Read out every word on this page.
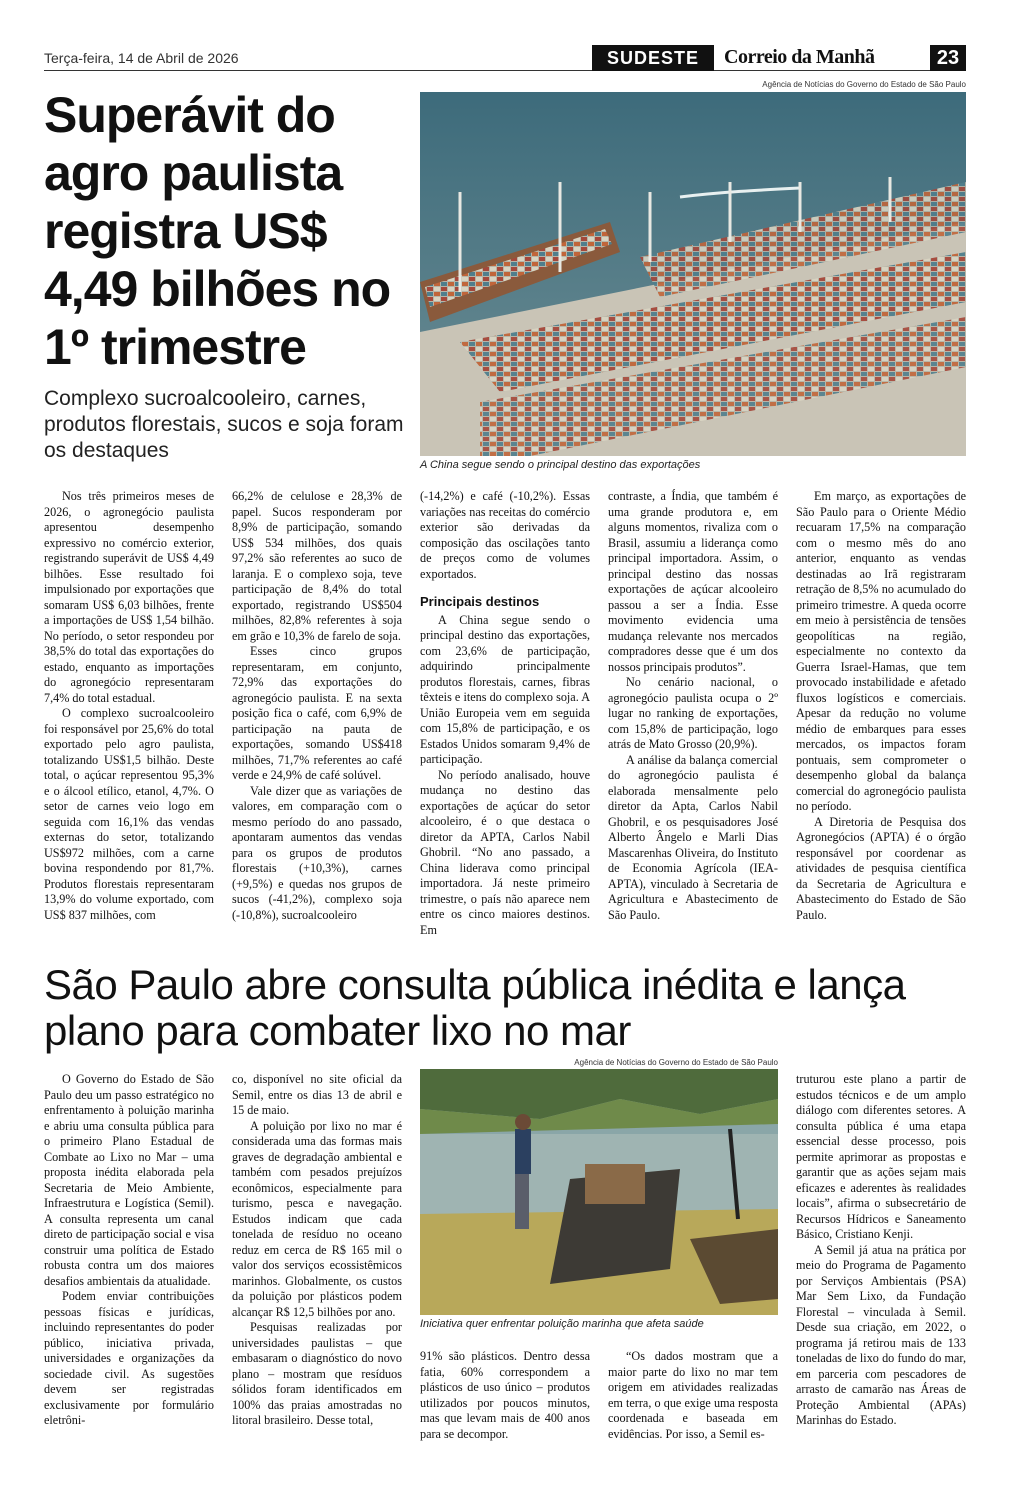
Terça-feira, 14 de Abril de 2026	SUDESTE	Correio da Manhã	23
Superávit do agro paulista registra US$ 4,49 bilhões no 1º trimestre
Complexo sucroalcooleiro, carnes, produtos florestais, sucos e soja foram os destaques
Agência de Notícias do Governo do Estado de São Paulo
A China segue sendo o principal destino das exportações

Nos três primeiros meses de 2026, o agronegócio paulista apresentou desempenho expressivo no comércio exterior, registrando superávit de US$ 4,49 bilhões. Esse resultado foi impulsionado por exportações que somaram US$ 6,03 bilhões, frente a importações de US$ 1,54 bilhão. No período, o setor respondeu por 38,5% do total das exportações do estado, enquanto as importações do agronegócio representaram 7,4% do total estadual.

O complexo sucroalcooleiro foi responsável por 25,6% do total exportado pelo agro paulista, totalizando US$1,5 bilhão. Deste total, o açúcar representou 95,3% e o álcool etílico, etanol, 4,7%. O setor de carnes veio logo em seguida com 16,1% das vendas externas do setor, totalizando US$972 milhões, com a carne bovina respondendo por 81,7%. Produtos florestais representaram 13,9% do volume exportado, com US$ 837 milhões, com

66,2% de celulose e 28,3% de papel. Sucos responderam por 8,9% de participação, somando US$ 534 milhões, dos quais 97,2% são referentes ao suco de laranja. E o complexo soja, teve participação de 8,4% do total exportado, registrando US$504 milhões, 82,8% referentes à soja em grão e 10,3% de farelo de soja.

Esses cinco grupos representaram, em conjunto, 72,9% das exportações do agronegócio paulista. E na sexta posição fica o café, com 6,9% de participação na pauta de exportações, somando US$418 milhões, 71,7% referentes ao café verde e 24,9% de café solúvel.

Vale dizer que as variações de valores, em comparação com o mesmo período do ano passado, apontaram aumentos das vendas para os grupos de produtos florestais (+10,3%), carnes (+9,5%) e quedas nos grupos de sucos (-41,2%), complexo soja (-10,8%), sucroalcooleiro

(-14,2%) e café (-10,2%). Essas variações nas receitas do comércio exterior são derivadas da composição das oscilações tanto de preços como de volumes exportados.

Principais destinos

A China segue sendo o principal destino das exportações, com 23,6% de participação, adquirindo principalmente produtos florestais, carnes, fibras têxteis e itens do complexo soja. A União Europeia vem em seguida com 15,8% de participação, e os Estados Unidos somaram 9,4% de participação.

No período analisado, houve mudança no destino das exportações de açúcar do setor alcooleiro, é o que destaca o diretor da APTA, Carlos Nabil Ghobril. “No ano passado, a China liderava como principal importadora. Já neste primeiro trimestre, o país não aparece nem entre os cinco maiores destinos. Em

contraste, a Índia, que também é uma grande produtora e, em alguns momentos, rivaliza com o Brasil, assumiu a liderança como principal importadora. Assim, o principal destino das nossas exportações de açúcar alcooleiro passou a ser a Índia. Esse movimento evidencia uma mudança relevante nos mercados compradores desse que é um dos nossos principais produtos”.

No cenário nacional, o agronegócio paulista ocupa o 2º lugar no ranking de exportações, com 15,8% de participação, logo atrás de Mato Grosso (20,9%).

A análise da balança comercial do agronegócio paulista é elaborada mensalmente pelo diretor da Apta, Carlos Nabil Ghobril, e os pesquisadores José Alberto Ângelo e Marli Dias Mascarenhas Oliveira, do Instituto de Economia Agrícola (IEA-APTA), vinculado à Secretaria de Agricultura e Abastecimento de São Paulo.

Em março, as exportações de São Paulo para o Oriente Médio recuaram 17,5% na comparação com o mesmo mês do ano anterior, enquanto as vendas destinadas ao Irã registraram retração de 8,5% no acumulado do primeiro trimestre. A queda ocorre em meio à persistência de tensões geopolíticas na região, especialmente no contexto da Guerra Israel-Hamas, que tem provocado instabilidade e afetado fluxos logísticos e comerciais. Apesar da redução no volume médio de embarques para esses mercados, os impactos foram pontuais, sem comprometer o desempenho global da balança comercial do agronegócio paulista no período.

A Diretoria de Pesquisa dos Agronegócios (APTA) é o órgão responsável por coordenar as atividades de pesquisa científica da Secretaria de Agricultura e Abastecimento do Estado de São Paulo.

São Paulo abre consulta pública inédita e lança plano para combater lixo no mar
Agência de Notícias do Governo do Estado de São Paulo
Iniciativa quer enfrentar poluição marinha que afeta saúde

O Governo do Estado de São Paulo deu um passo estratégico no enfrentamento à poluição marinha e abriu uma consulta pública para o primeiro Plano Estadual de Combate ao Lixo no Mar – uma proposta inédita elaborada pela Secretaria de Meio Ambiente, Infraestrutura e Logística (Semil). A consulta representa um canal direto de participação social e visa construir uma política de Estado robusta contra um dos maiores desafios ambientais da atualidade.

Podem enviar contribuições pessoas físicas e jurídicas, incluindo representantes do poder público, iniciativa privada, universidades e organizações da sociedade civil. As sugestões devem ser registradas exclusivamente por formulário eletrôni-

co, disponível no site oficial da Semil, entre os dias 13 de abril e 15 de maio.

A poluição por lixo no mar é considerada uma das formas mais graves de degradação ambiental e também com pesados prejuízos econômicos, especialmente para turismo, pesca e navegação. Estudos indicam que cada tonelada de resíduo no oceano reduz em cerca de R$ 165 mil o valor dos serviços ecossistêmicos marinhos. Globalmente, os custos da poluição por plásticos podem alcançar R$ 12,5 bilhões por ano.

Pesquisas realizadas por universidades paulistas – que embasaram o diagnóstico do novo plano – mostram que resíduos sólidos foram identificados em 100% das praias amostradas no litoral brasileiro. Desse total,

91% são plásticos. Dentro dessa fatia, 60% correspondem a plásticos de uso único – produtos utilizados por poucos minutos, mas que levam mais de 400 anos para se decompor.

“Os dados mostram que a maior parte do lixo no mar tem origem em atividades realizadas em terra, o que exige uma resposta coordenada e baseada em evidências. Por isso, a Semil es-

truturou este plano a partir de estudos técnicos e de um amplo diálogo com diferentes setores. A consulta pública é uma etapa essencial desse processo, pois permite aprimorar as propostas e garantir que as ações sejam mais eficazes e aderentes às realidades locais”, afirma o subsecretário de Recursos Hídricos e Saneamento Básico, Cristiano Kenji.

A Semil já atua na prática por meio do Programa de Pagamento por Serviços Ambientais (PSA) Mar Sem Lixo, da Fundação Florestal – vinculada à Semil. Desde sua criação, em 2022, o programa já retirou mais de 133 toneladas de lixo do fundo do mar, em parceria com pescadores de arrasto de camarão nas Áreas de Proteção Ambiental (APAs) Marinhas do Estado.
